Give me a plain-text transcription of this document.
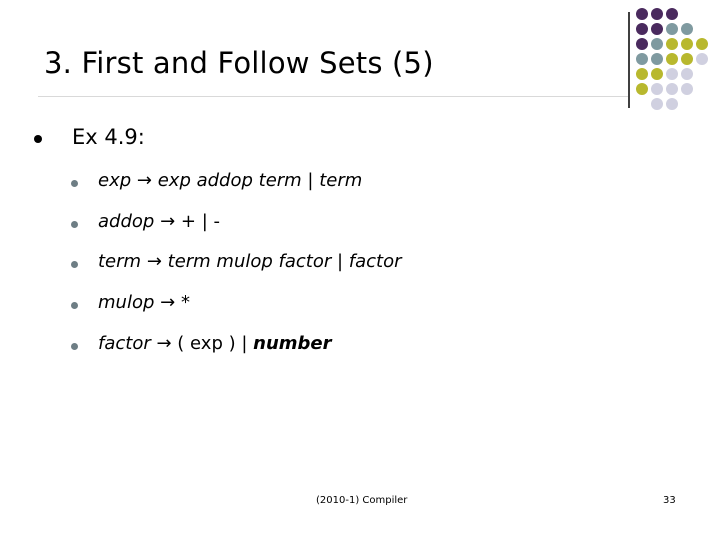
3. First and Follow Sets (5)
Ex 4.9:
exp → exp addop term | term
addop → + | -
term → term mulop factor | factor
mulop → *
factor → ( exp ) | number
(2010-1) Compiler	33
